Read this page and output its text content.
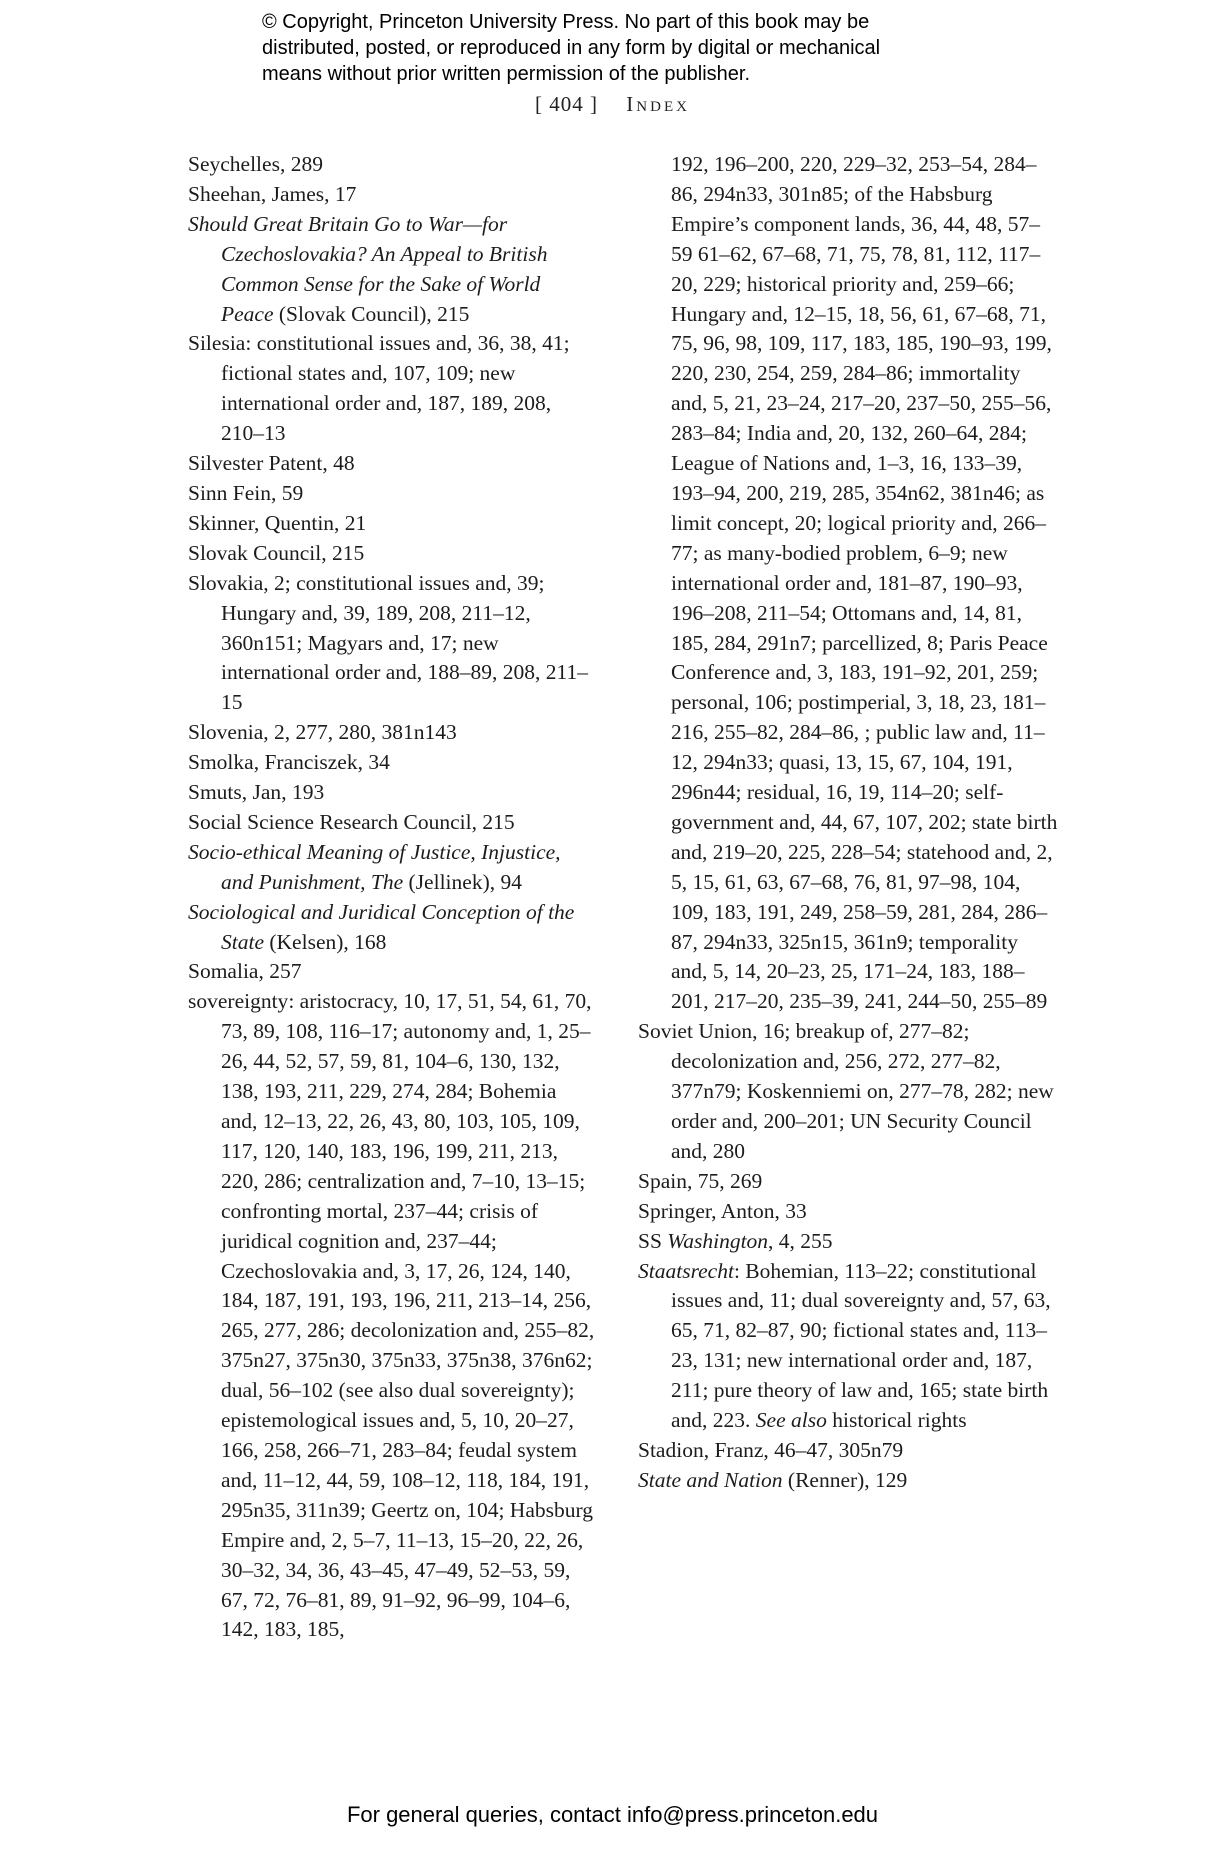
© Copyright, Princeton University Press. No part of this book may be
distributed, posted, or reproduced in any form by digital or mechanical
means without prior written permission of the publisher.
[ 404 ] Index
Seychelles, 289
Sheehan, James, 17
Should Great Britain Go to War—for Czechoslovakia? An Appeal to British Common Sense for the Sake of World Peace (Slovak Council), 215
Silesia: constitutional issues and, 36, 38, 41; fictional states and, 107, 109; new international order and, 187, 189, 208, 210–13
Silvester Patent, 48
Sinn Fein, 59
Skinner, Quentin, 21
Slovak Council, 215
Slovakia, 2; constitutional issues and, 39; Hungary and, 39, 189, 208, 211–12, 360n151; Magyars and, 17; new international order and, 188–89, 208, 211–15
Slovenia, 2, 277, 280, 381n143
Smolka, Franciszek, 34
Smuts, Jan, 193
Social Science Research Council, 215
Socio-ethical Meaning of Justice, Injustice, and Punishment, The (Jellinek), 94
Sociological and Juridical Conception of the State (Kelsen), 168
Somalia, 257
sovereignty: aristocracy, 10, 17, 51, 54, 61, 70, 73, 89, 108, 116–17; autonomy and, 1, 25–26, 44, 52, 57, 59, 81, 104–6, 130, 132, 138, 193, 211, 229, 274, 284; Bohemia and, 12–13, 22, 26, 43, 80, 103, 105, 109, 117, 120, 140, 183, 196, 199, 211, 213, 220, 286; centralization and, 7–10, 13–15; confronting mortal, 237–44; crisis of juridical cognition and, 237–44; Czechoslovakia and, 3, 17, 26, 124, 140, 184, 187, 191, 193, 196, 211, 213–14, 256, 265, 277, 286; decolonization and, 255–82, 375n27, 375n30, 375n33, 375n38, 376n62; dual, 56–102 (see also dual sovereignty); epistemological issues and, 5, 10, 20–27, 166, 258, 266–71, 283–84; feudal system and, 11–12, 44, 59, 108–12, 118, 184, 191, 295n35, 311n39; Geertz on, 104; Habsburg Empire and, 2, 5–7, 11–13, 15–20, 22, 26, 30–32, 34, 36, 43–45, 47–49, 52–53, 59, 67, 72, 76–81, 89, 91–92, 96–99, 104–6, 142, 183, 185,
192, 196–200, 220, 229–32, 253–54, 284–86, 294n33, 301n85; of the Habsburg Empire’s component lands, 36, 44, 48, 57–59 61–62, 67–68, 71, 75, 78, 81, 112, 117–20, 229; historical priority and, 259–66; Hungary and, 12–15, 18, 56, 61, 67–68, 71, 75, 96, 98, 109, 117, 183, 185, 190–93, 199, 220, 230, 254, 259, 284–86; immortality and, 5, 21, 23–24, 217–20, 237–50, 255–56, 283–84; India and, 20, 132, 260–64, 284; League of Nations and, 1–3, 16, 133–39, 193–94, 200, 219, 285, 354n62, 381n46; as limit concept, 20; logical priority and, 266–77; as many-bodied problem, 6–9; new international order and, 181–87, 190–93, 196–208, 211–54; Ottomans and, 14, 81, 185, 284, 291n7; parcellized, 8; Paris Peace Conference and, 3, 183, 191–92, 201, 259; personal, 106; postimperial, 3, 18, 23, 181–216, 255–82, 284–86, ; public law and, 11–12, 294n33; quasi, 13, 15, 67, 104, 191, 296n44; residual, 16, 19, 114–20; self-government and, 44, 67, 107, 202; state birth and, 219–20, 225, 228–54; statehood and, 2, 5, 15, 61, 63, 67–68, 76, 81, 97–98, 104, 109, 183, 191, 249, 258–59, 281, 284, 286–87, 294n33, 325n15, 361n9; temporality and, 5, 14, 20–23, 25, 171–24, 183, 188–201, 217–20, 235–39, 241, 244–50, 255–89
Soviet Union, 16; breakup of, 277–82; decolonization and, 256, 272, 277–82, 377n79; Koskenniemi on, 277–78, 282; new order and, 200–201; UN Security Council and, 280
Spain, 75, 269
Springer, Anton, 33
SS Washington, 4, 255
Staatsrecht: Bohemian, 113–22; constitutional issues and, 11; dual sovereignty and, 57, 63, 65, 71, 82–87, 90; fictional states and, 113–23, 131; new international order and, 187, 211; pure theory of law and, 165; state birth and, 223. See also historical rights
Stadion, Franz, 46–47, 305n79
State and Nation (Renner), 129
For general queries, contact info@press.princeton.edu
